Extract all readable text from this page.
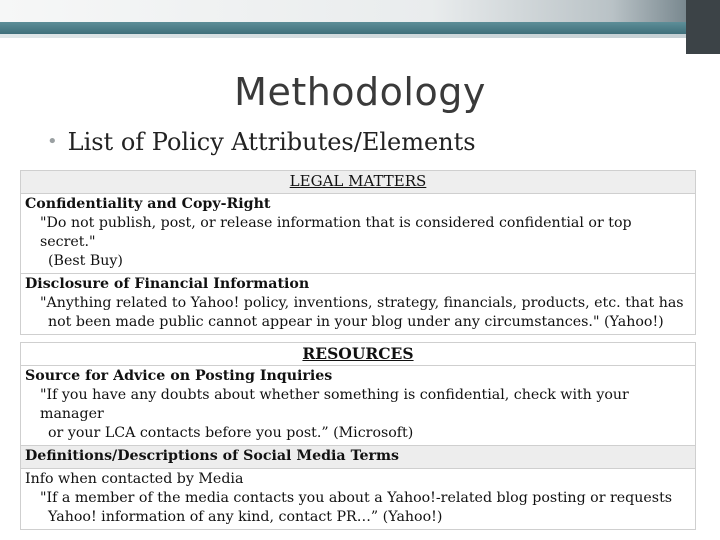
Methodology
• List of Policy Attributes/Elements
LEGAL MATTERS

Confidentiality and Copy-Right
"Do not publish, post, or release information that is considered confidential or top secret."
(Best Buy)

Disclosure of Financial Information
"Anything related to Yahoo! policy, inventions, strategy, financials, products, etc. that has
not been made public cannot appear in your blog under any circumstances." (Yahoo!)
RESOURCES

Source for Advice on Posting Inquiries
"If you have any doubts about whether something is confidential, check with your manager
or your LCA contacts before you post.” (Microsoft)

Definitions/Descriptions of Social Media Terms

Info when contacted by Media
"If a member of the media contacts you about a Yahoo!-related blog posting or requests
Yahoo! information of any kind, contact PR…” (Yahoo!)
